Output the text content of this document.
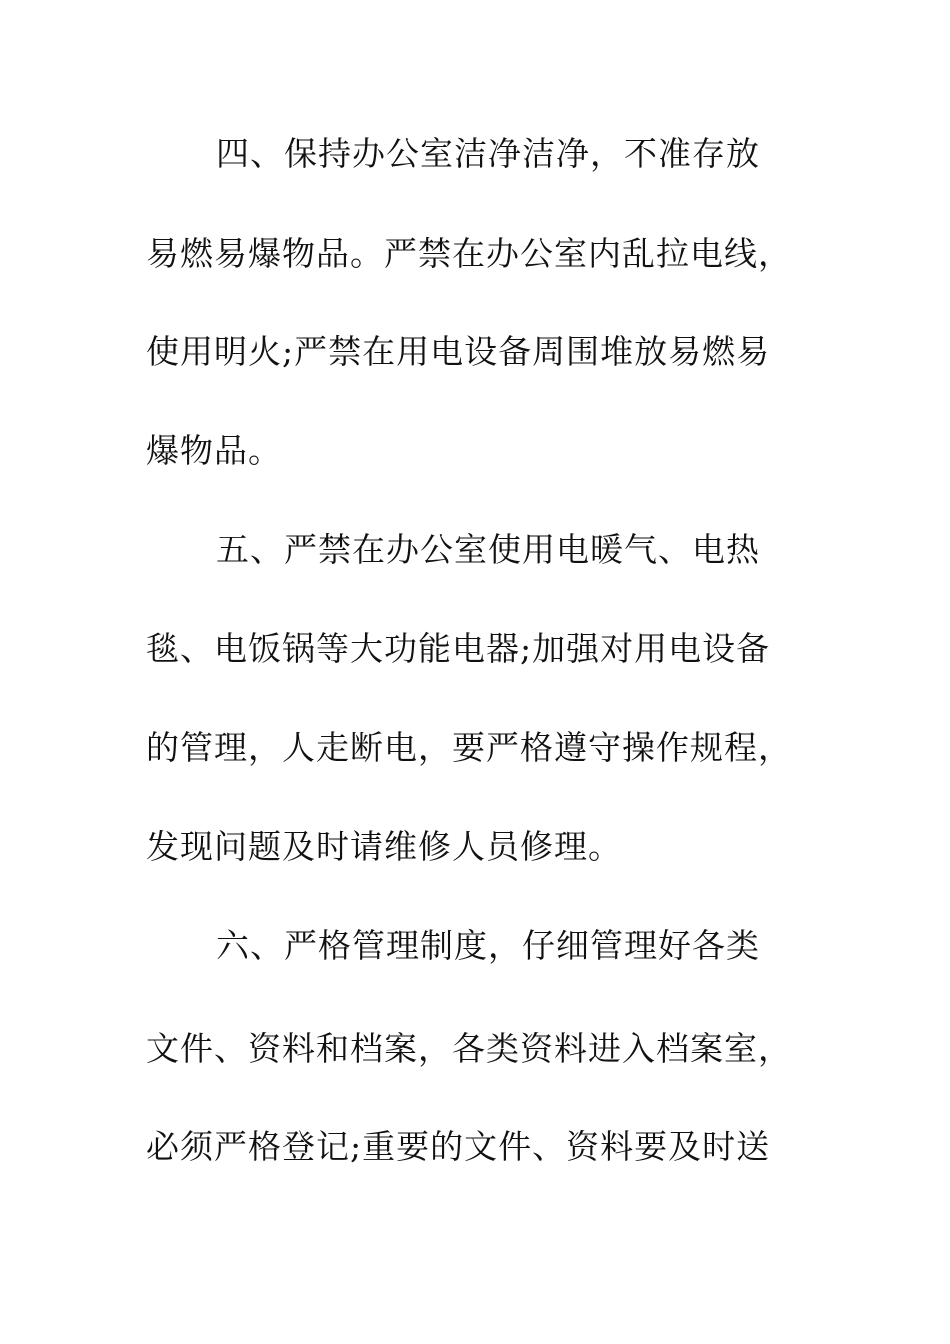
四、保持办公室洁净洁净，不准存放
易燃易爆物品。严禁在办公室内乱拉电线，
使用明火;严禁在用电设备周围堆放易燃易
爆物品。
五、严禁在办公室使用电暖气、电热
毯、电饭锅等大功能电器;加强对用电设备
的管理，人走断电，要严格遵守操作规程，
发现问题及时请维修人员修理。
六、严格管理制度，仔细管理好各类
文件、资料和档案，各类资料进入档案室，
必须严格登记;重要的文件、资料要及时送
